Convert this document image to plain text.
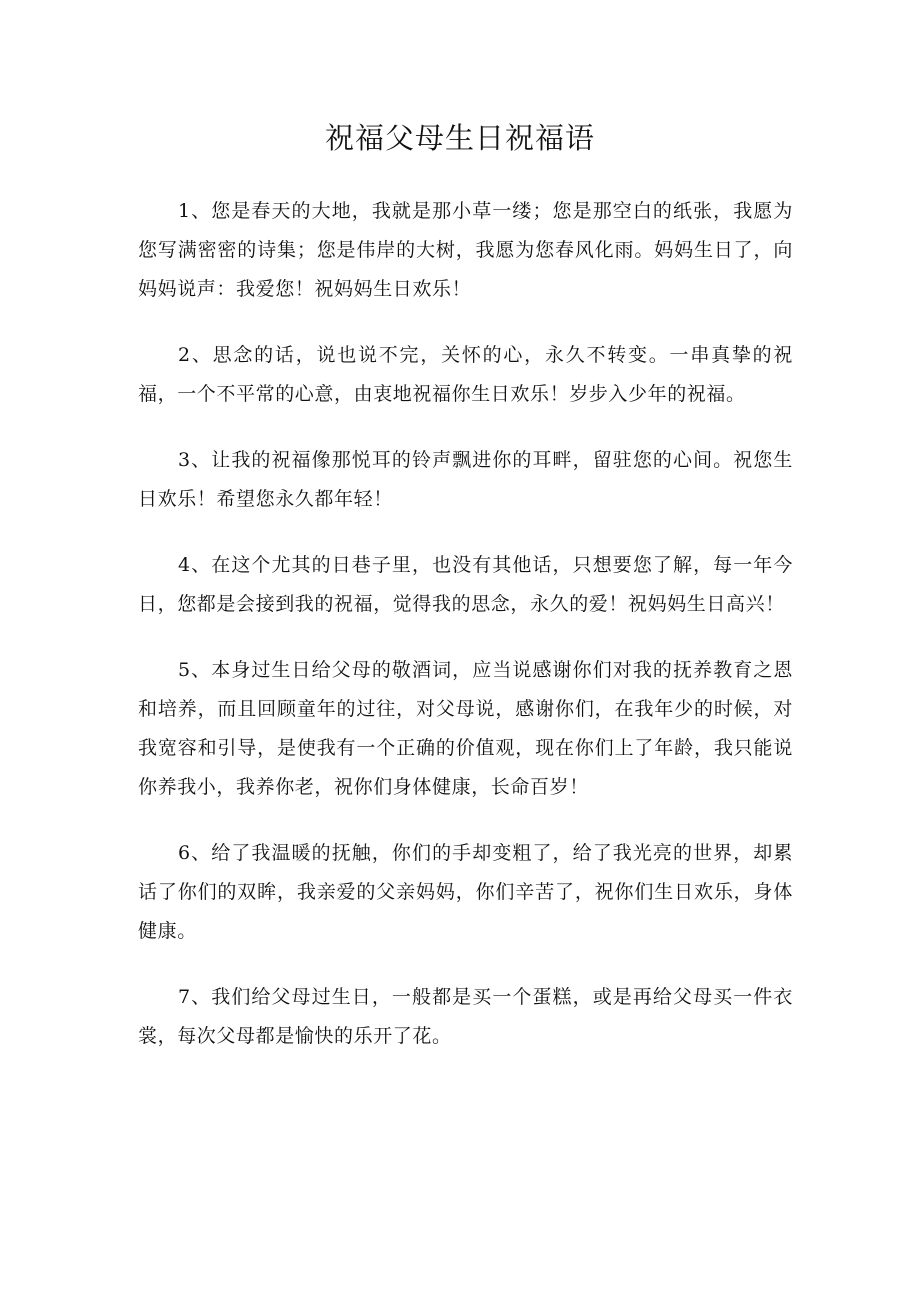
祝福父母生日祝福语

1、您是春天的大地，我就是那小草一缕；您是那空白的纸张，我愿为您写满密密的诗集；您是伟岸的大树，我愿为您春风化雨。妈妈生日了，向妈妈说声：我爱您！祝妈妈生日欢乐！

2、思念的话，说也说不完，关怀的心，永久不转变。一串真挚的祝福，一个不平常的心意，由衷地祝福你生日欢乐！岁步入少年的祝福。

3、让我的祝福像那悦耳的铃声飘进你的耳畔，留驻您的心间。祝您生日欢乐！希望您永久都年轻！

4、在这个尤其的日巷子里，也没有其他话，只想要您了解，每一年今日，您都是会接到我的祝福，觉得我的思念，永久的爱！祝妈妈生日高兴！

5、本身过生日给父母的敬酒词，应当说感谢你们对我的抚养教育之恩和培养，而且回顾童年的过往，对父母说，感谢你们，在我年少的时候，对我宽容和引导，是使我有一个正确的价值观，现在你们上了年龄，我只能说你养我小，我养你老，祝你们身体健康，长命百岁！

6、给了我温暖的抚触，你们的手却变粗了，给了我光亮的世界，却累话了你们的双眸，我亲爱的父亲妈妈，你们辛苦了，祝你们生日欢乐，身体健康。

7、我们给父母过生日，一般都是买一个蛋糕，或是再给父母买一件衣裳，每次父母都是愉快的乐开了花。
